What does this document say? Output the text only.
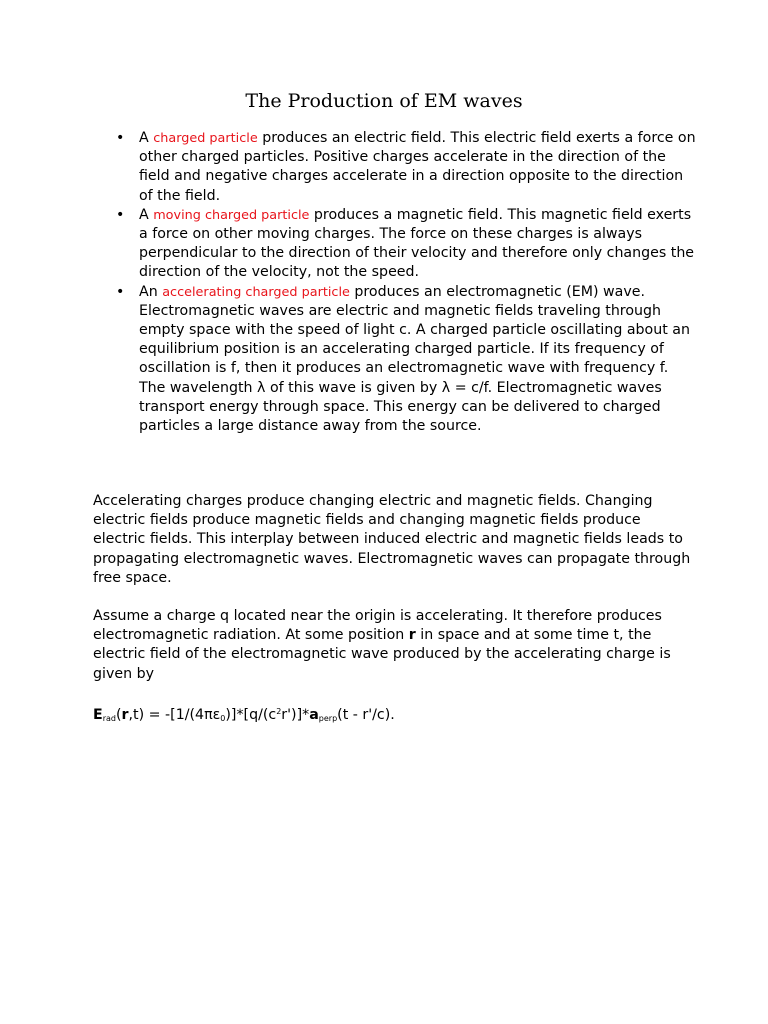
The Production of EM waves
• A charged particle produces an electric field. This electric field exerts a force on other charged particles. Positive charges accelerate in the direction of the field and negative charges accelerate in a direction opposite to the direction of the field.
• A moving charged particle produces a magnetic field. This magnetic field exerts a force on other moving charges. The force on these charges is always perpendicular to the direction of their velocity and therefore only changes the direction of the velocity, not the speed.
• An accelerating charged particle produces an electromagnetic (EM) wave. Electromagnetic waves are electric and magnetic fields traveling through empty space with the speed of light c. A charged particle oscillating about an equilibrium position is an accelerating charged particle. If its frequency of oscillation is f, then it produces an electromagnetic wave with frequency f. The wavelength λ of this wave is given by λ = c/f. Electromagnetic waves transport energy through space. This energy can be delivered to charged particles a large distance away from the source.

Accelerating charges produce changing electric and magnetic fields. Changing electric fields produce magnetic fields and changing magnetic fields produce electric fields. This interplay between induced electric and magnetic fields leads to propagating electromagnetic waves. Electromagnetic waves can propagate through free space.

Assume a charge q located near the origin is accelerating. It therefore produces electromagnetic radiation. At some position r in space and at some time t, the electric field of the electromagnetic wave produced by the accelerating charge is given by

$E_{rad}(r,t) = -[1/(4\pi\varepsilon_0)]*[q/(c^2r')]*a_{perp}(t - r'/c)$.
